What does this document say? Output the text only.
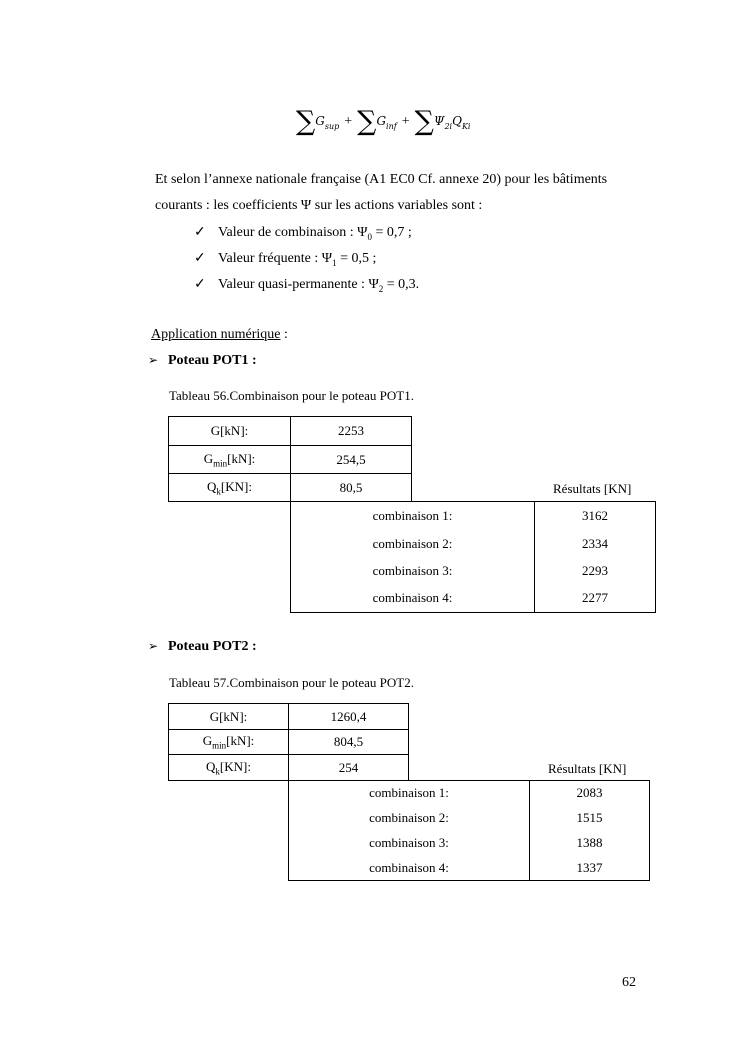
$\sum G_{sup} + \sum G_{inf} + \sum\Psi_{2i}Q_{Ki}$
Et selon l’annexe nationale française (A1 EC0 Cf. annexe 20) pour les bâtiments
courants : les coefficients Ψ sur les actions variables sont :
✓ Valeur de combinaison : $\Psi_0 = 0,7$ ;
✓ Valeur fréquente : $\Psi_1 = 0,5$ ;
✓ Valeur quasi-permanente : $\Psi_2 = 0,3$.
Application numérique :
➢ Poteau POT1 :
Tableau 56.Combinaison pour le poteau POT1.
G[kN]:	2253
$G_{min}[kN]$:	254,5
$Q_k[KN]$:	80,5	Résultats [KN]
combinaison 1:	3162
combinaison 2:	2334
combinaison 3:	2293
combinaison 4:	2277
➢ Poteau POT2 :
Tableau 57.Combinaison pour le poteau POT2.
G[kN]:	1260,4
$G_{min}[kN]$:	804,5
$Q_k[KN]$:	254	Résultats [KN]
combinaison 1:	2083
combinaison 2:	1515
combinaison 3:	1388
combinaison 4:	1337
62
